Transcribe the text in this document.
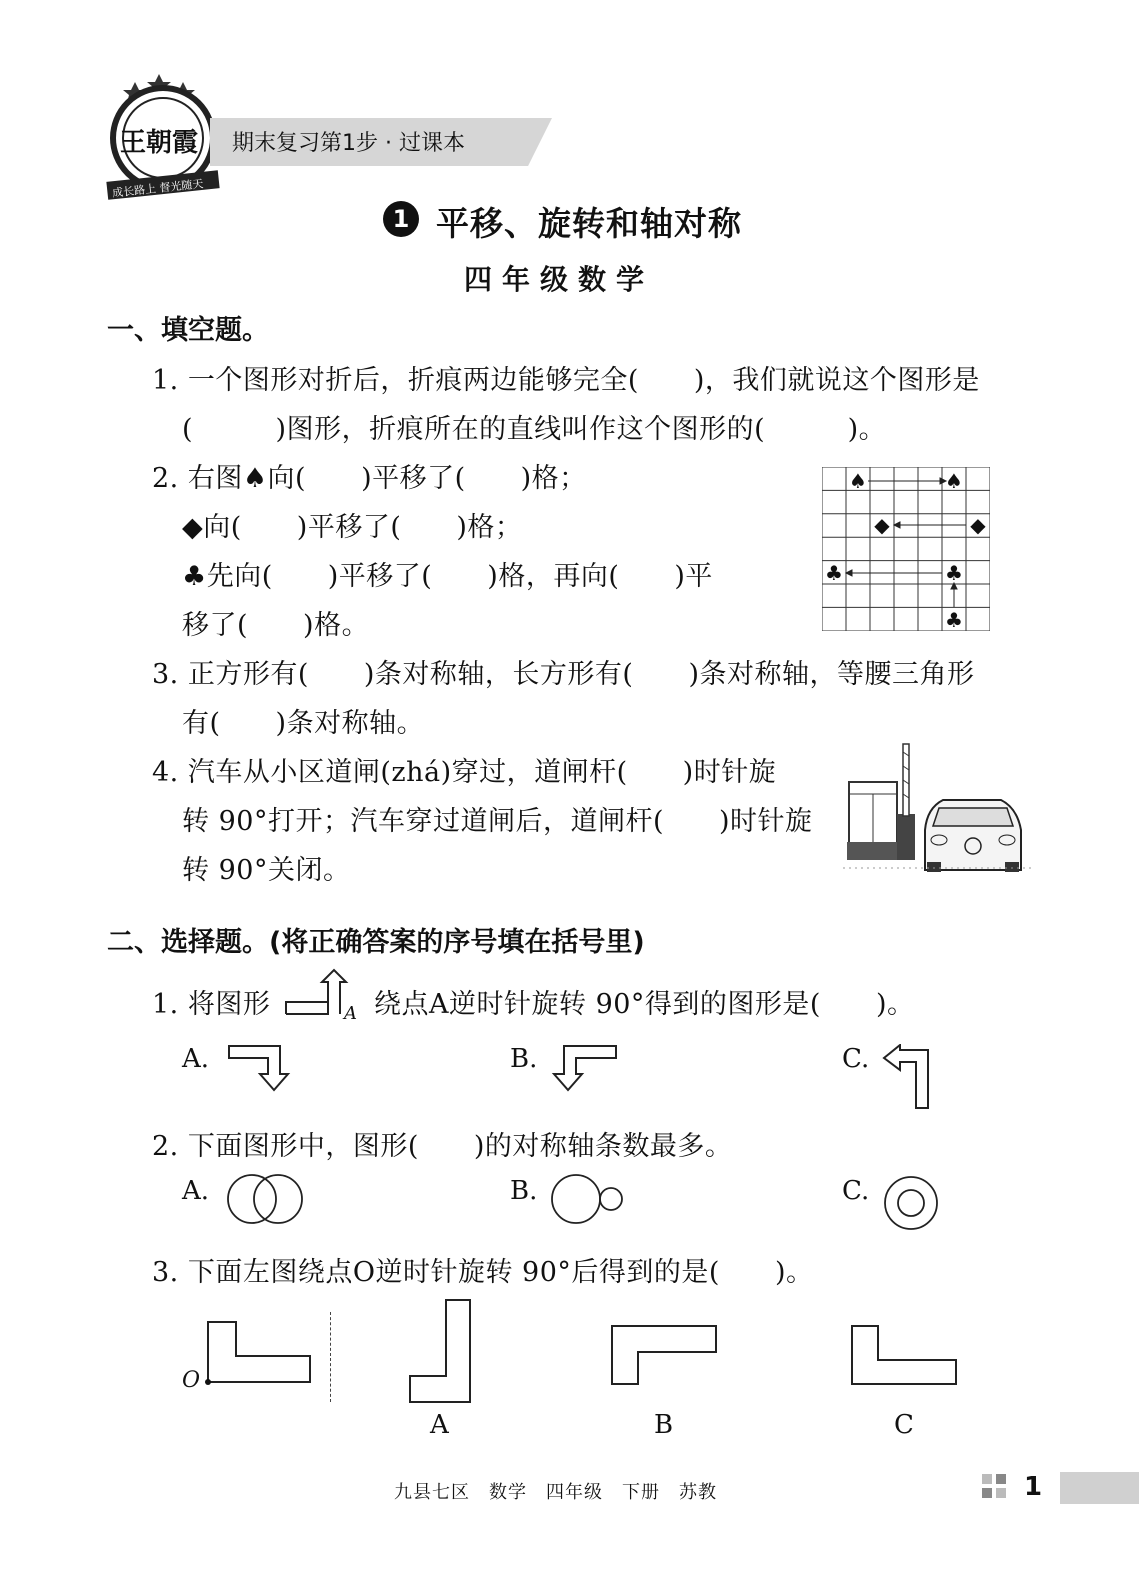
王朝霞
成长路上 督光随天
期末复习第1步 · 过课本
1 平移、旋转和轴对称
四年级数学
一、填空题。
1. 一个图形对折后，折痕两边能够完全(　　)，我们就说这个图形是
(　　　)图形，折痕所在的直线叫作这个图形的(　　　)。
2. 右图♠向(　　)平移了(　　)格；
◆向(　　)平移了(　　)格；
♣先向(　　)平移了(　　)格，再向(　　)平
移了(　　)格。
♠	♠
◆	◆
♣	♣
♣
3. 正方形有(　　)条对称轴，长方形有(　　)条对称轴，等腰三角形
有(　　)条对称轴。
4. 汽车从小区道闸(zhá)穿过，道闸杆(　　)时针旋
转 90°打开；汽车穿过道闸后，道闸杆(　　)时针旋
转 90°关闭。
二、选择题。(将正确答案的序号填在括号里)
1. 将图形	A 绕点A逆时针旋转 90°得到的图形是(　　)。
A.	B.	C.
2. 下面图形中，图形(　　)的对称轴条数最多。
A.	B.	C.
3. 下面左图绕点O逆时针旋转 90°后得到的是(　　)。
O
A	B	C
九县七区　数学　四年级　下册　苏教	1
